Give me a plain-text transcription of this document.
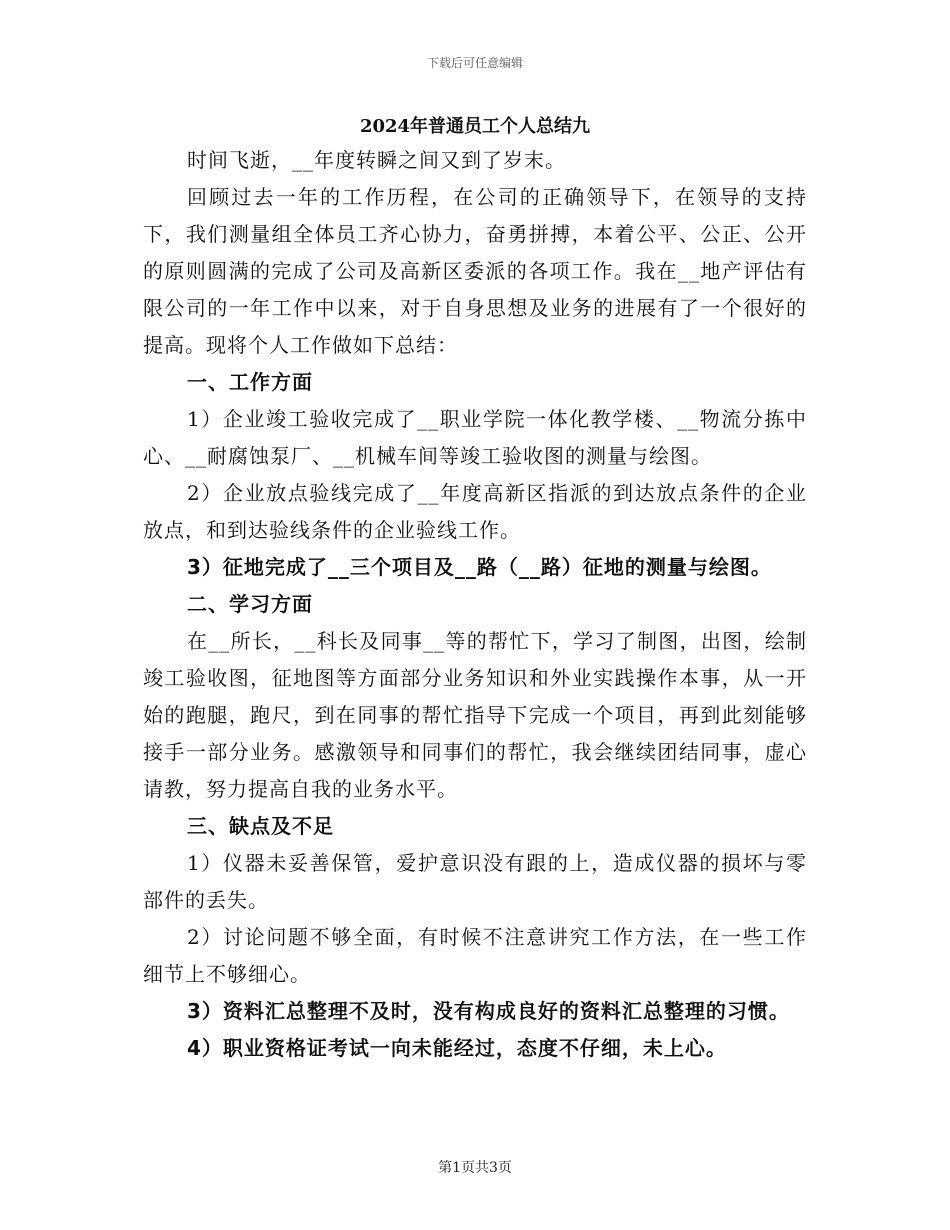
下载后可任意编辑
2024年普通员工个人总结九

时间飞逝，__年度转瞬之间又到了岁末。

回顾过去一年的工作历程，在公司的正确领导下，在领导的支持下，我们测量组全体员工齐心协力，奋勇拼搏，本着公平、公正、公开的原则圆满的完成了公司及高新区委派的各项工作。我在__地产评估有限公司的一年工作中以来，对于自身思想及业务的进展有了一个很好的提高。现将个人工作做如下总结：

一、工作方面

1）企业竣工验收完成了__职业学院一体化教学楼、__物流分拣中心、__耐腐蚀泵厂、__机械车间等竣工验收图的测量与绘图。

2）企业放点验线完成了__年度高新区指派的到达放点条件的企业放点，和到达验线条件的企业验线工作。

3）征地完成了__三个项目及__路（__路）征地的测量与绘图。

二、学习方面

在__所长，__科长及同事__等的帮忙下，学习了制图，出图，绘制竣工验收图，征地图等方面部分业务知识和外业实践操作本事，从一开始的跑腿，跑尺，到在同事的帮忙指导下完成一个项目，再到此刻能够接手一部分业务。感激领导和同事们的帮忙，我会继续团结同事，虚心请教，努力提高自我的业务水平。

三、缺点及不足

1）仪器未妥善保管，爱护意识没有跟的上，造成仪器的损坏与零部件的丢失。

2）讨论问题不够全面，有时候不注意讲究工作方法，在一些工作细节上不够细心。

3）资料汇总整理不及时，没有构成良好的资料汇总整理的习惯。

4）职业资格证考试一向未能经过，态度不仔细，未上心。

第1页共3页
